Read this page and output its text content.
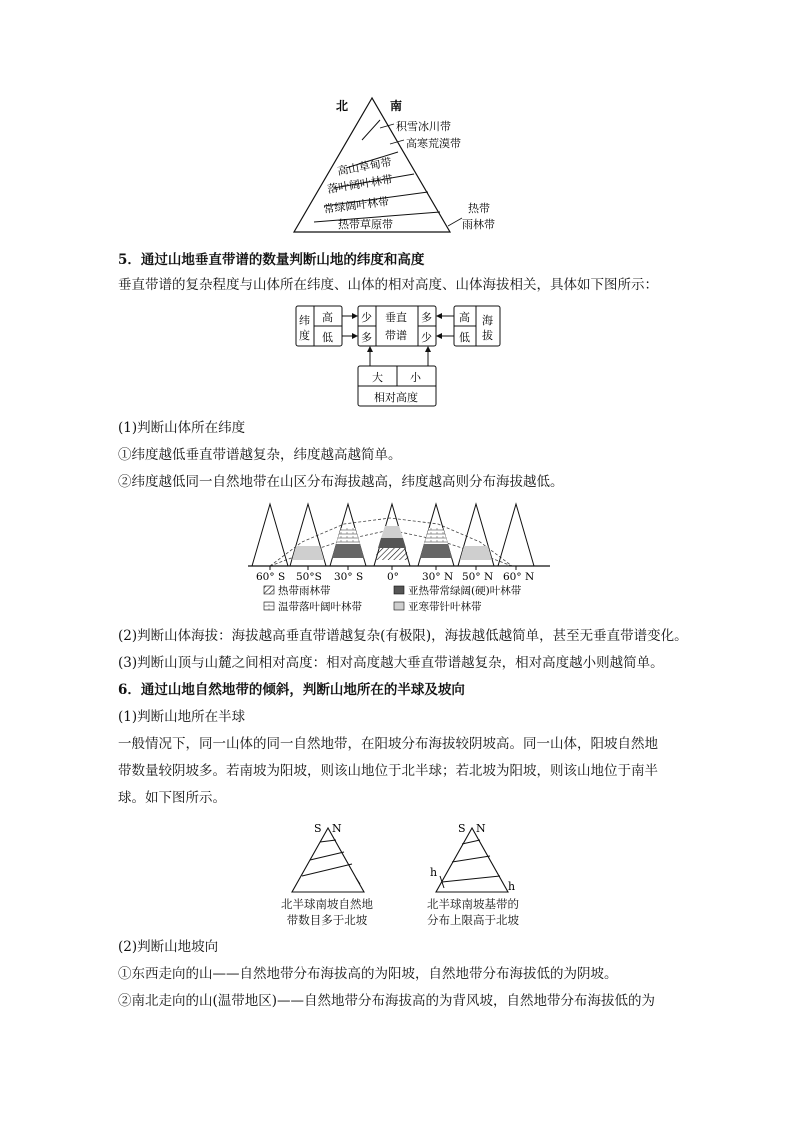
北	南
积雪冰川带
高寒荒漠带
高山草甸带
落叶阔叶林带
常绿阔叶林带
热带草原带
热带
雨林带
5．通过山地垂直带谱的数量判断山地的纬度和高度
垂直带谱的复杂程度与山体所在纬度、山体的相对高度、山体海拔相关，具体如下图所示：
纬
度
高
低
少
多
垂直
带谱
多
少
高
低
海
拔
大 小
相对高度
(1)判断山体所在纬度
①纬度越低垂直带谱越复杂，纬度越高越简单。
②纬度越低同一自然地带在山区分布海拔越高，纬度越高则分布海拔越低。
60° S 50°S 30° S 0° 30° N 50° N 60° N
热带雨林带	亚热带常绿阔(硬)叶林带
温带落叶阔叶林带	亚寒带针叶林带
(2)判断山体海拔：海拔越高垂直带谱越复杂(有极限)，海拔越低越简单，甚至无垂直带谱变化。
(3)判断山顶与山麓之间相对高度：相对高度越大垂直带谱越复杂，相对高度越小则越简单。
6．通过山地自然地带的倾斜，判断山地所在的半球及坡向
(1)判断山地所在半球
一般情况下，同一山体的同一自然地带，在阳坡分布海拔较阴坡高。同一山体，阳坡自然地
带数量较阴坡多。若南坡为阳坡，则该山地位于北半球；若北坡为阳坡，则该山地位于南半
球。如下图所示。
S N	S N
h
h
北半球南坡自然地
带数目多于北坡
北半球南坡基带的
分布上限高于北坡
(2)判断山地坡向
①东西走向的山——自然地带分布海拔高的为阳坡，自然地带分布海拔低的为阴坡。
②南北走向的山(温带地区)——自然地带分布海拔高的为背风坡，自然地带分布海拔低的为
